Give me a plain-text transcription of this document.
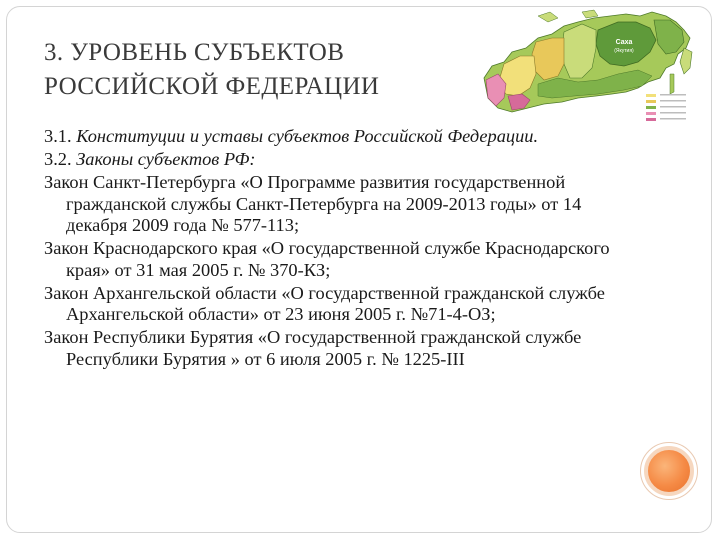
Саха
(Якутия)
3. УРОВЕНЬ СУБЪЕКТОВ
РОССИЙСКОЙ ФЕДЕРАЦИИ

3.1. Конституции и уставы субъектов Российской Федерации.

3.2. Законы субъектов РФ:

Закон Санкт-Петербурга «О Программе развития государственной гражданской службы Санкт-Петербурга на 2009-2013 годы» от 14 декабря 2009 года № 577-113;

Закон Краснодарского края «О государственной службе Краснодарского края» от 31 мая 2005 г. № 370-КЗ;

Закон Архангельской области «О государственной гражданской службе Архангельской области» от 23 июня 2005 г. №71-4-ОЗ;

Закон Республики Бурятия «О государственной гражданской службе Республики Бурятия » от 6 июля 2005 г. № 1225-III
